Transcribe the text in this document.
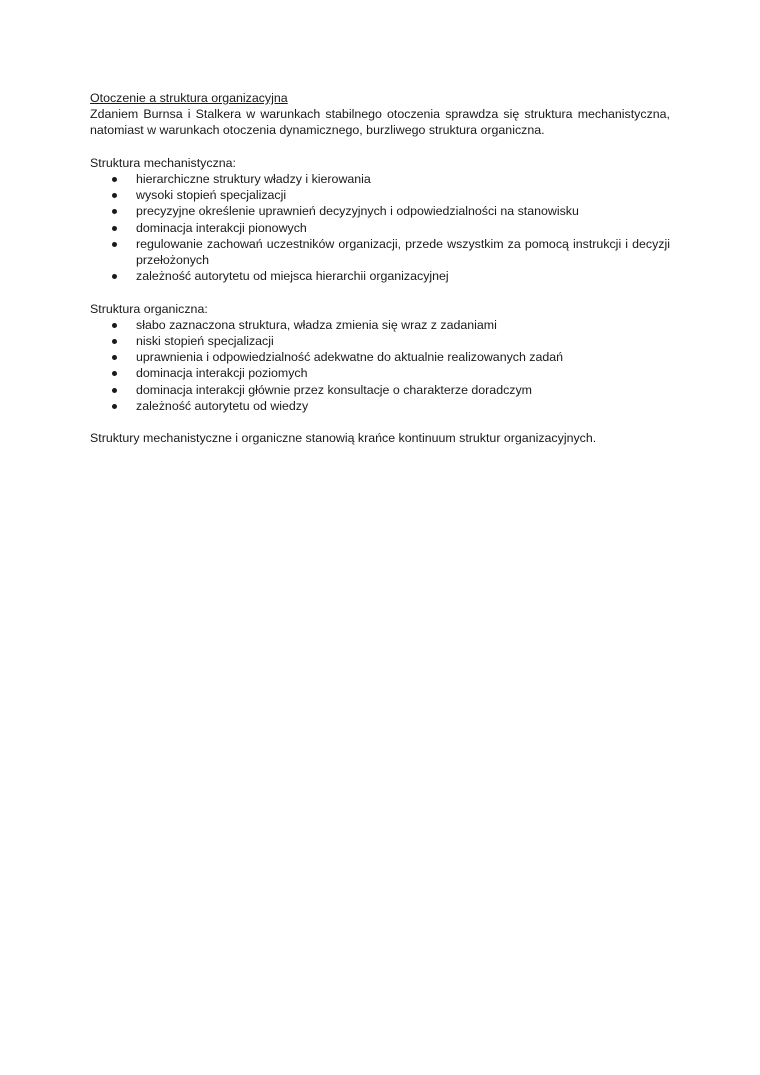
Otoczenie a struktura organizacyjna

Zdaniem Burnsa i Stalkera w warunkach stabilnego otoczenia sprawdza się struktura mechanistyczna, natomiast w warunkach otoczenia dynamicznego, burzliwego struktura organiczna.

Struktura mechanistyczna:

hierarchiczne struktury władzy i kierowania
wysoki stopień specjalizacji
precyzyjne określenie uprawnień decyzyjnych i odpowiedzialności na stanowisku
dominacja interakcji pionowych
regulowanie zachowań uczestników organizacji, przede wszystkim za pomocą instrukcji i decyzji przełożonych
zależność autorytetu od miejsca hierarchii organizacyjnej

Struktura organiczna:

słabo zaznaczona struktura, władza zmienia się wraz z zadaniami
niski stopień specjalizacji
uprawnienia i odpowiedzialność adekwatne do aktualnie realizowanych zadań
dominacja interakcji poziomych
dominacja interakcji głównie przez konsultacje o charakterze doradczym
zależność autorytetu od wiedzy

Struktury mechanistyczne i organiczne stanowią krańce kontinuum struktur organizacyjnych.
